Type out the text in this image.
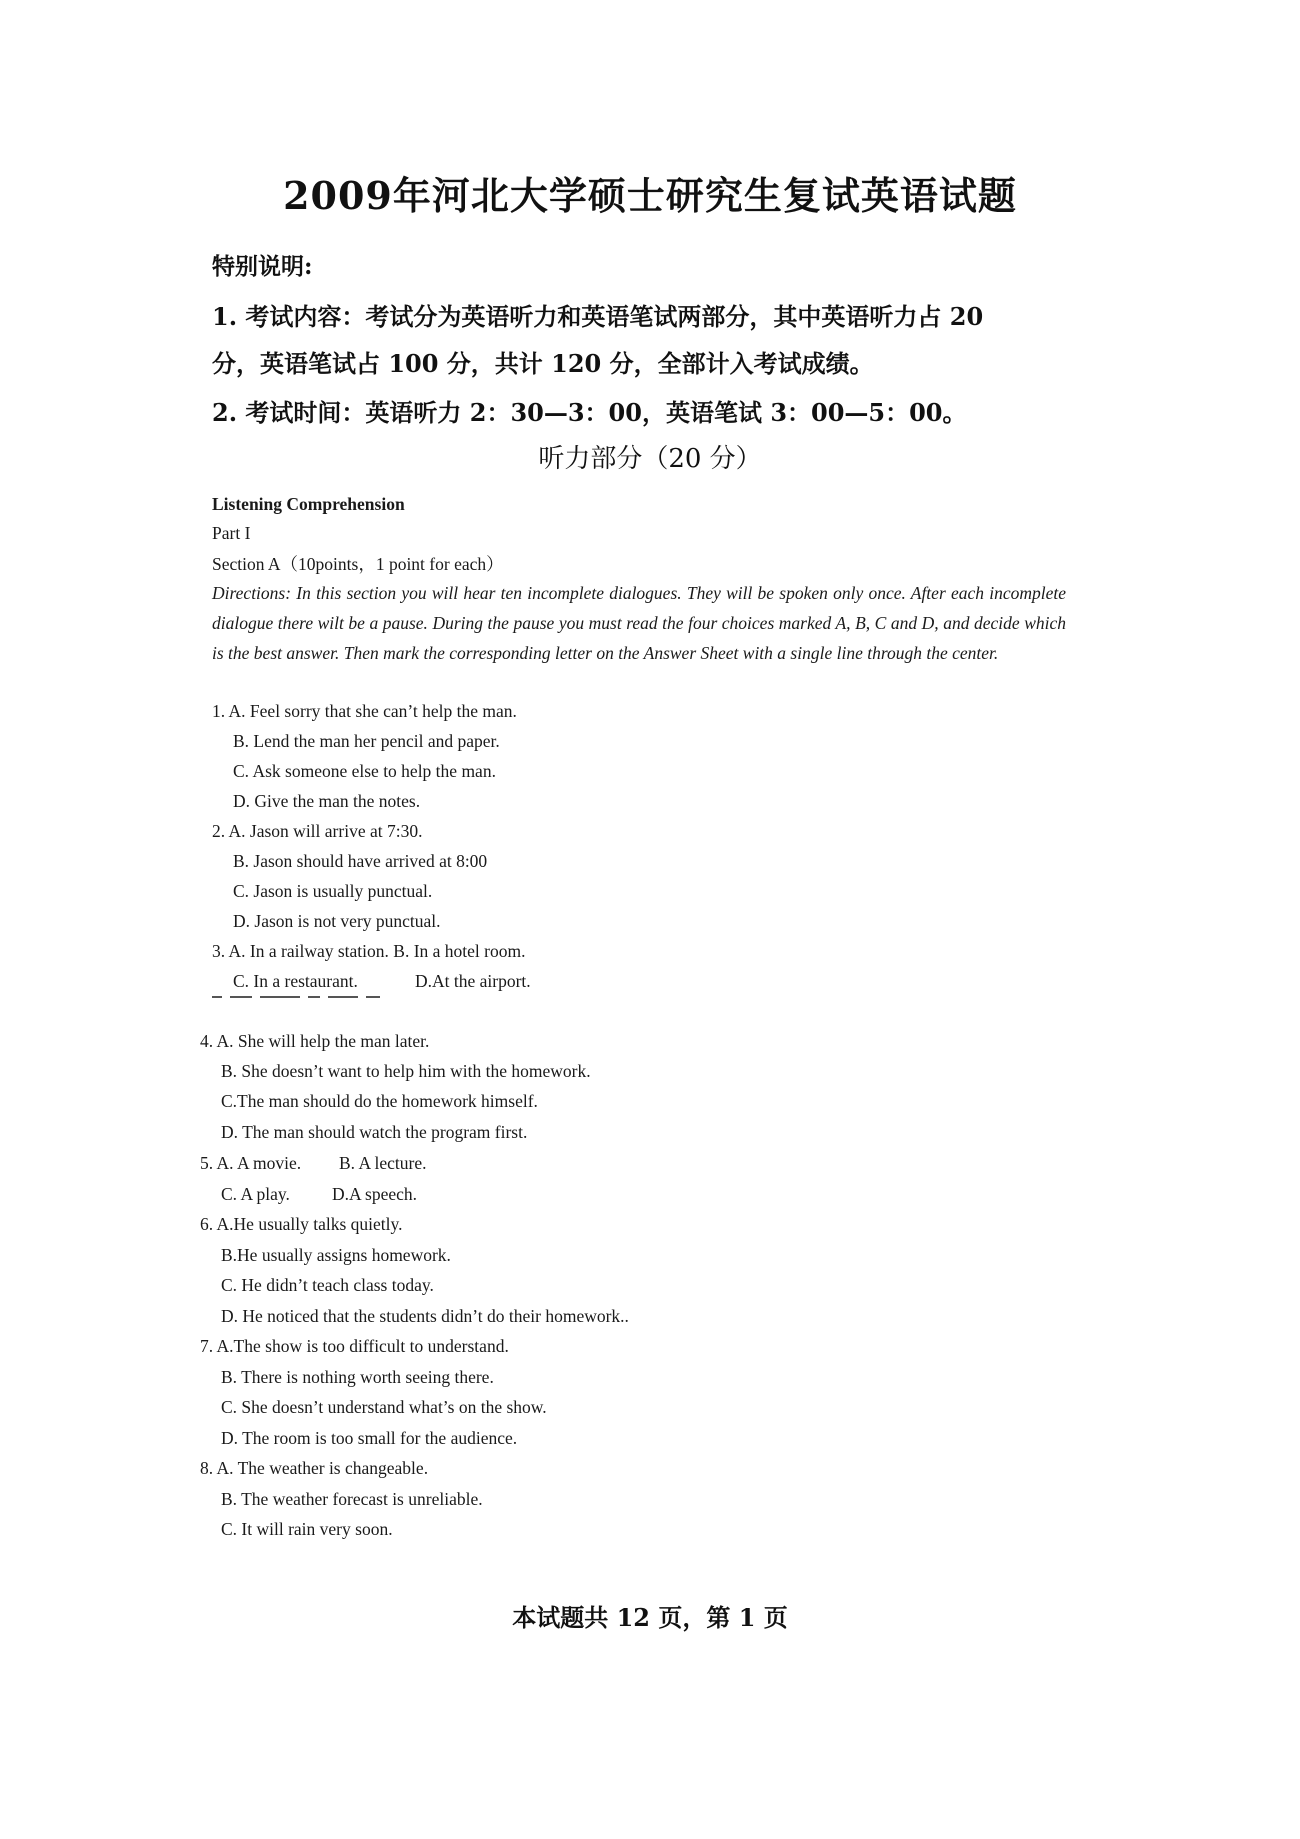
2009年河北大学硕士研究生复试英语试题
特别说明:
1. 考试内容：考试分为英语听力和英语笔试两部分，其中英语听力占 20
分，英语笔试占 100 分，共计 120 分，全部计入考试成绩。
2. 考试时间：英语听力 2：30—3：00，英语笔试 3：00—5：00。
听力部分（20 分）
Listening Comprehension
Part I
Section A（10points，1 point for each）
Directions: In this section you will hear ten incomplete dialogues. They will be spoken only once. After each incomplete dialogue there wilt be a pause. During the pause you must read the four choices marked A, B, C and D, and decide which is the best answer. Then mark the corresponding letter on the Answer Sheet with a single line through the center.
1. A. Feel sorry that she can’t help the man.
B. Lend the man her pencil and paper.
C. Ask someone else to help the man.
D. Give the man the notes.
2. A. Jason will arrive at 7:30.
B. Jason should have arrived at 8:00
C. Jason is usually punctual.
D. Jason is not very punctual.
3. A. In a railway station. B. In a hotel room.
C. In a restaurant.	D.At the airport.
4. A. She will help the man later.
B. She doesn’t want to help him with the homework.
C.The man should do the homework himself.
D. The man should watch the program first.
5. A. A movie. B. A lecture.
C. A play. D.A speech.
6. A.He usually talks quietly.
B.He usually assigns homework.
C. He didn’t teach class today.
D. He noticed that the students didn’t do their homework..
7. A.The show is too difficult to understand.
B. There is nothing worth seeing there.
C. She doesn’t understand what’s on the show.
D. The room is too small for the audience.
8. A. The weather is changeable.
B. The weather forecast is unreliable.
C. It will rain very soon.
本试题共 12 页，第 1 页
